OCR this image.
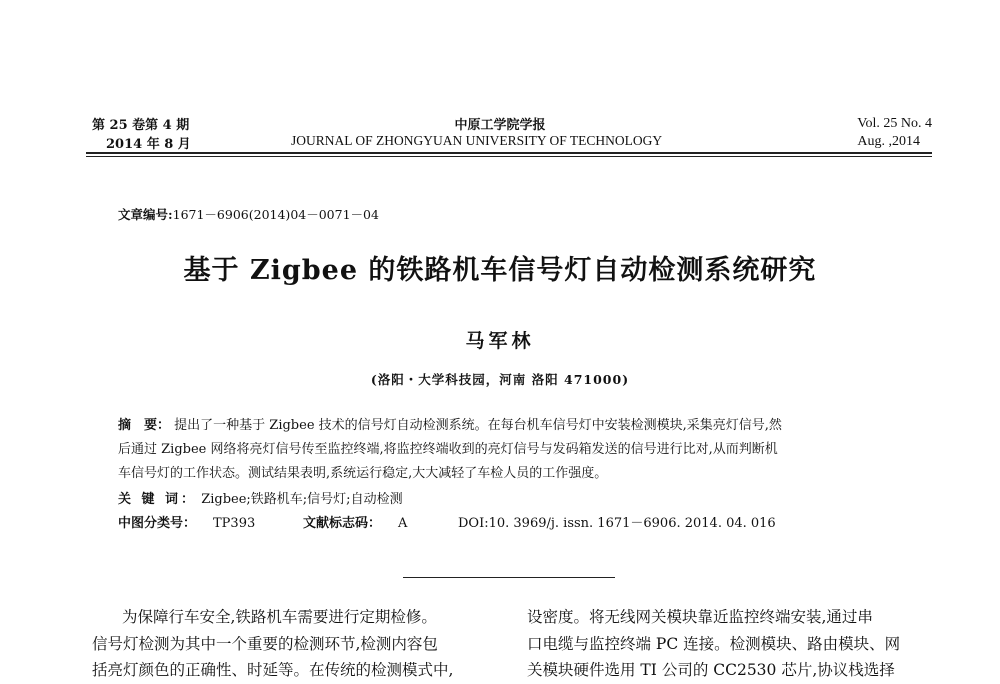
第 25 卷第 4 期
2014 年 8 月
中原工学院学报
JOURNAL OF ZHONGYUAN UNIVERSITY OF TECHNOLOGY
Vol. 25 No. 4
Aug. ,2014
文章编号:1671－6906(2014)04－0071－04
基于 Zigbee 的铁路机车信号灯自动检测系统研究
马军林
(洛阳・大学科技园，河南 洛阳 471000)
摘　要： 提出了一种基于 Zigbee 技术的信号灯自动检测系统。在每台机车信号灯中安装检测模块,采集亮灯信号,然
后通过 Zigbee 网络将亮灯信号传至监控终端,将监控终端收到的亮灯信号与发码箱发送的信号进行比对,从而判断机
车信号灯的工作状态。测试结果表明,系统运行稳定,大大减轻了车检人员的工作强度。
关 键 词： Zigbee;铁路机车;信号灯;自动检测
中图分类号： TP393	文献标志码： A	DOI:10. 3969/j. issn. 1671－6906. 2014. 04. 016
为保障行车安全,铁路机车需要进行定期检修。
信号灯检测为其中一个重要的检测环节,检测内容包
括亮灯颜色的正确性、时延等。在传统的检测模式中,
设密度。将无线网关模块靠近监控终端安装,通过串
口电缆与监控终端 PC 连接。检测模块、路由模块、网
关模块硬件选用 TI 公司的 CC2530 芯片,协议栈选择
